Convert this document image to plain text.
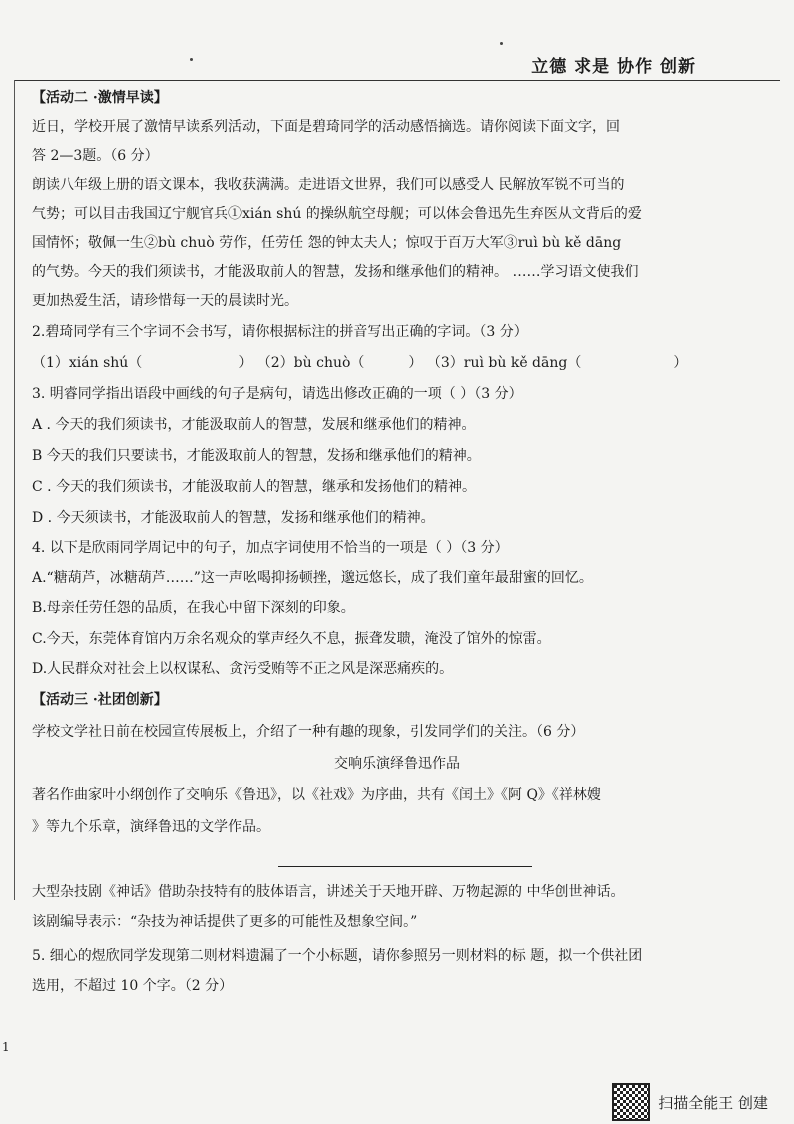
立德 求是 协作 创新
【活动二 ·激情早读】
近日，学校开展了激情早读系列活动，下面是碧琦同学的活动感悟摘选。请你阅读下面文字，回
答 2—3题。（6 分）
朗读八年级上册的语文课本，我收获满满。走进语文世界，我们可以感受人 民解放军锐不可当的
气势；可以目击我国辽宁舰官兵①xián shú 的操纵航空母舰；可以体会鲁迅先生弃医从文背后的爱
国情怀；敬佩一生②bù chuò 劳作，任劳任 怨的钟太夫人；惊叹于百万大军③ruì bù kě dāng
的气势。今天的我们须读书，才能汲取前人的智慧，发扬和继承他们的精神。 ……学习语文使我们
更加热爱生活，请珍惜每一天的晨读时光。
2.碧琦同学有三个字词不会书写，请你根据标注的拼音写出正确的字词。（3 分）
（1）xián shú（	） （2）bù chuò（	） （3）ruì bù kě dāng（	）
3. 明睿同学指出语段中画线的句子是病句，请选出修改正确的一项（ ）（3 分）
A . 今天的我们须读书，才能汲取前人的智慧，发展和继承他们的精神。
B 今天的我们只要读书，才能汲取前人的智慧，发扬和继承他们的精神。
C . 今天的我们须读书，才能汲取前人的智慧，继承和发扬他们的精神。
D . 今天须读书，才能汲取前人的智慧，发扬和继承他们的精神。
4. 以下是欣雨同学周记中的句子，加点字词使用不恰当的一项是（ ）（3 分）
A.“糖葫芦，冰糖葫芦……”这一声吆喝抑扬顿挫，邈远悠长，成了我们童年最甜蜜的回忆。
B.母亲任劳任怨的品质，在我心中留下深刻的印象。
C.今天，东莞体育馆内万余名观众的掌声经久不息，振聋发聩，淹没了馆外的惊雷。
D.人民群众对社会上以权谋私、贪污受贿等不正之风是深恶痛疾的。
【活动三 ·社团创新】
学校文学社日前在校园宣传展板上，介绍了一种有趣的现象，引发同学们的关注。（6 分）
交响乐演绎鲁迅作品
著名作曲家叶小纲创作了交响乐《鲁迅》，以《社戏》为序曲，共有《闰土》《阿 Q》《祥林嫂
》等九个乐章，演绎鲁迅的文学作品。
大型杂技剧《神话》借助杂技特有的肢体语言，讲述关于天地开辟、万物起源的 中华创世神话。
该剧编导表示：“杂技为神话提供了更多的可能性及想象空间。”
5. 细心的煜欣同学发现第二则材料遗漏了一个小标题，请你参照另一则材料的标 题，拟一个供社团
选用，不超过 10 个字。（2 分）
1
扫描全能王 创建
